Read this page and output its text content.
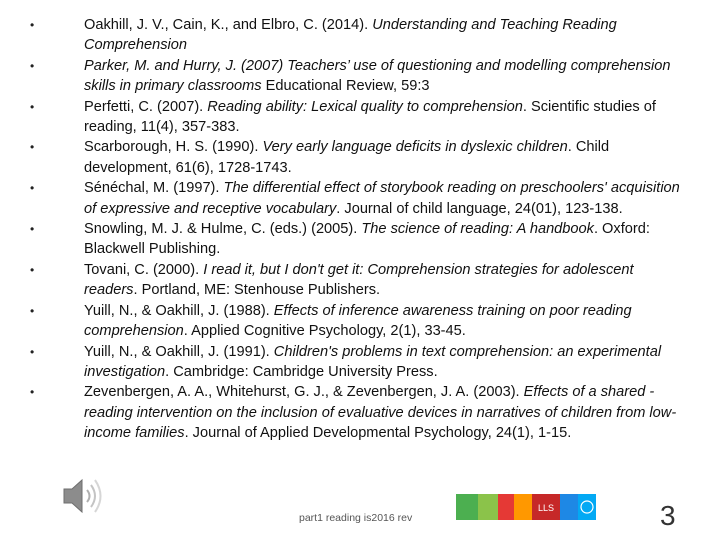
• Oakhill, J. V., Cain, K., and Elbro, C. (2014). Understanding and Teaching Reading Comprehension
• Parker, M. and Hurry, J. (2007) Teachers’ use of questioning and modelling comprehension skills in primary classrooms Educational Review, 59:3
• Perfetti, C. (2007). Reading ability: Lexical quality to comprehension. Scientific studies of reading, 11(4), 357-383.
• Scarborough, H. S. (1990). Very early language deficits in dyslexic children. Child development, 61(6), 1728-1743.
• Sénéchal, M. (1997). The differential effect of storybook reading on preschoolers' acquisition of expressive and receptive vocabulary. Journal of child language, 24(01), 123-138.
• Snowling, M. J. & Hulme, C. (eds.) (2005). The science of reading: A handbook. Oxford: Blackwell Publishing.
• Tovani, C. (2000). I read it, but I don't get it: Comprehension strategies for adolescent readers. Portland, ME: Stenhouse Publishers.
• Yuill, N., & Oakhill, J. (1988). Effects of inference awareness training on poor reading comprehension. Applied Cognitive Psychology, 2(1), 33-45.
• Yuill, N., & Oakhill, J. (1991). Children's problems in text comprehension: an experimental investigation. Cambridge: Cambridge University Press.
• Zevenbergen, A. A., Whitehurst, G. J., & Zevenbergen, J. A. (2003). Effects of a shared -reading intervention on the inclusion of evaluative devices in narratives of children from low-income families. Journal of Applied Developmental Psychology, 24(1), 1-15.
part1 reading is2016 rev
LLS	3
